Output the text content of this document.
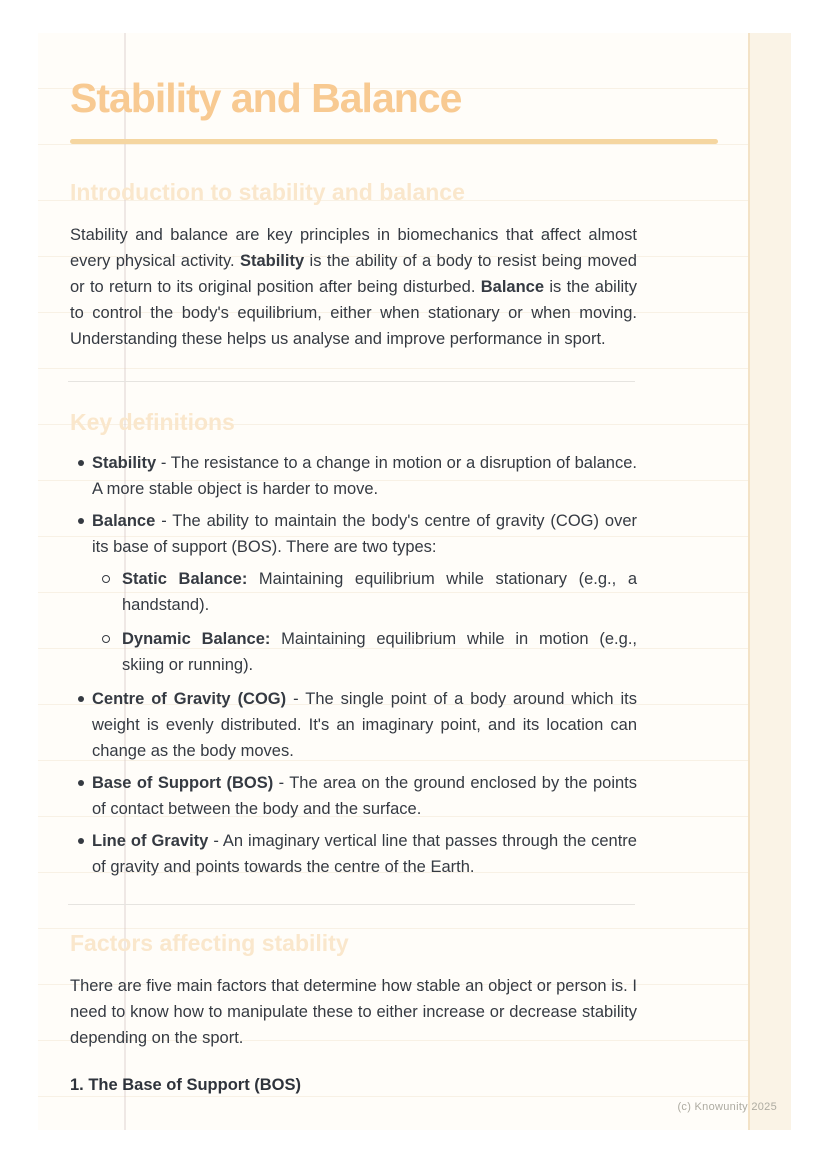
Stability and Balance
Introduction to stability and balance

Stability and balance are key principles in biomechanics that affect almost every physical activity. Stability is the ability of a body to resist being moved or to return to its original position after being disturbed. Balance is the ability to control the body's equilibrium, either when stationary or when moving. Understanding these helps us analyse and improve performance in sport.

Key definitions
Stability - The resistance to a change in motion or a disruption of balance. A more stable object is harder to move.
Balance - The ability to maintain the body's centre of gravity (COG) over its base of support (BOS). There are two types:
Static Balance: Maintaining equilibrium while stationary (e.g., a handstand).
Dynamic Balance: Maintaining equilibrium while in motion (e.g., skiing or running).
Centre of Gravity (COG) - The single point of a body around which its weight is evenly distributed. It's an imaginary point, and its location can change as the body moves.
Base of Support (BOS) - The area on the ground enclosed by the points of contact between the body and the surface.
Line of Gravity - An imaginary vertical line that passes through the centre of gravity and points towards the centre of the Earth.
Factors affecting stability

There are five main factors that determine how stable an object or person is. I need to know how to manipulate these to either increase or decrease stability depending on the sport.

1. The Base of Support (BOS)

(c) Knowunity 2025
